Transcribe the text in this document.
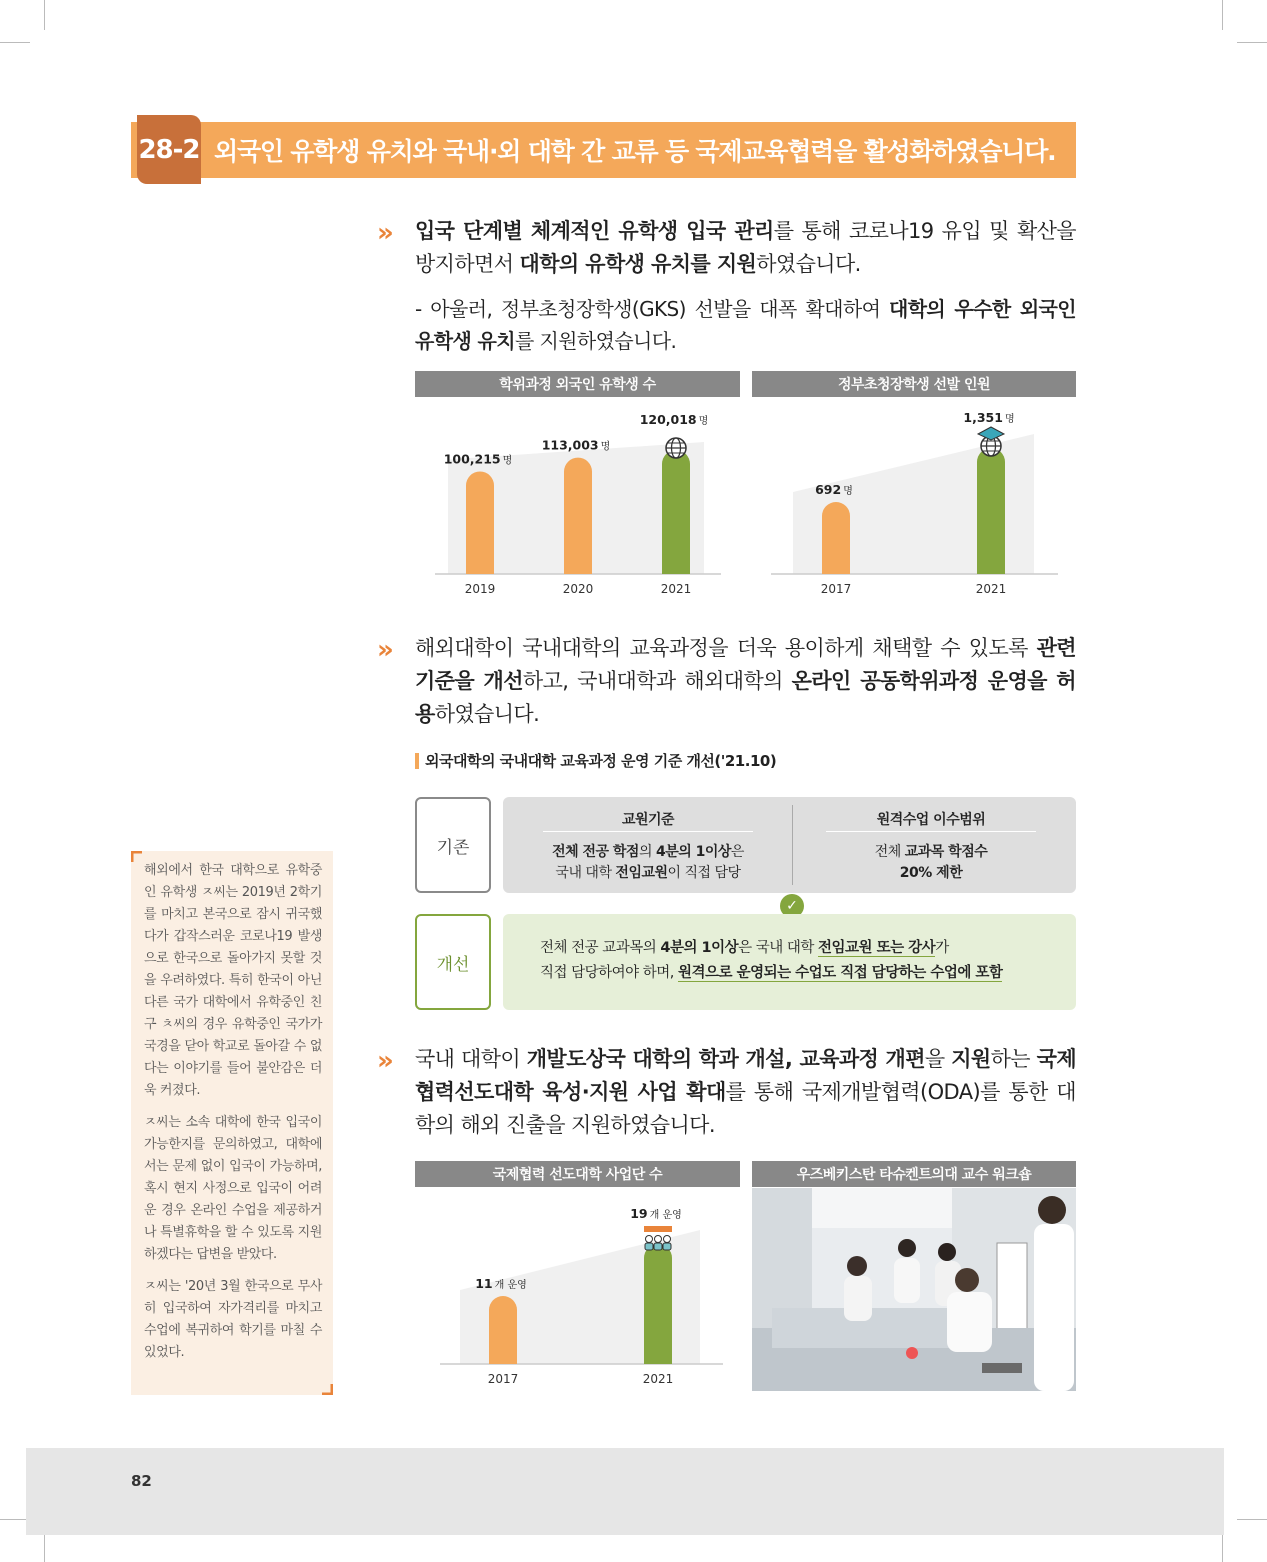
28-2 외국인 유학생 유치와 국내·외 대학 간 교류 등 국제교육협력을 활성화하였습니다.
» 입국 단계별 체계적인 유학생 입국 관리를 통해 코로나19 유입 및 확산을 방지하면서 대학의 유학생 유치를 지원하였습니다.
- 아울러, 정부초청장학생(GKS) 선발을 대폭 확대하여 대학의 우수한 외국인 유학생 유치를 지원하였습니다.
학위과정 외국인 유학생 수	정부초청장학생 선발 인원
100,215 명
2019
113,003 명
2020
120,018 명
2021
692 명
2017
1,351 명
2021
» 해외대학이 국내대학의 교육과정을 더욱 용이하게 채택할 수 있도록 관련 기준을 개선하고, 국내대학과 해외대학의 온라인 공동학위과정 운영을 허용하였습니다.
외국대학의 국내대학 교육과정 운영 기준 개선('21.10)
기존
교원기준
전체 전공 학점의 4분의 1이상은
국내 대학 전임교원이 직접 담당
원격수업 이수범위
전체 교과목 학점수
20% 제한
✓
개선
전체 전공 교과목의 4분의 1이상은 국내 대학 전임교원 또는 강사가
직접 담당하여야 하며, 원격으로 운영되는 수업도 직접 담당하는 수업에 포함
» 국내 대학이 개발도상국 대학의 학과 개설, 교육과정 개편을 지원하는 국제협력선도대학 육성·지원 사업 확대를 통해 국제개발협력(ODA)를 통한 대학의 해외 진출을 지원하였습니다.
국제협력 선도대학 사업단 수	우즈베키스탄 타슈켄트의대 교수 워크숍
11 개 운영
2017
19 개 운영
2021

해외에서 한국 대학으로 유학중인 유학생 ㅈ씨는 2019년 2학기를 마치고 본국으로 잠시 귀국했다가 갑작스러운 코로나19 발생으로 한국으로 돌아가지 못할 것을 우려하였다. 특히 한국이 아닌 다른 국가 대학에서 유학중인 친구 ㅊ씨의 경우 유학중인 국가가 국경을 닫아 학교로 돌아갈 수 없다는 이야기를 들어 불안감은 더욱 커졌다.

ㅈ씨는 소속 대학에 한국 입국이 가능한지를 문의하였고, 대학에서는 문제 없이 입국이 가능하며, 혹시 현지 사정으로 입국이 어려운 경우 온라인 수업을 제공하거나 특별휴학을 할 수 있도록 지원하겠다는 답변을 받았다.

ㅈ씨는 '20년 3월 한국으로 무사히 입국하여 자가격리를 마치고 수업에 복귀하여 학기를 마칠 수 있었다.

82
